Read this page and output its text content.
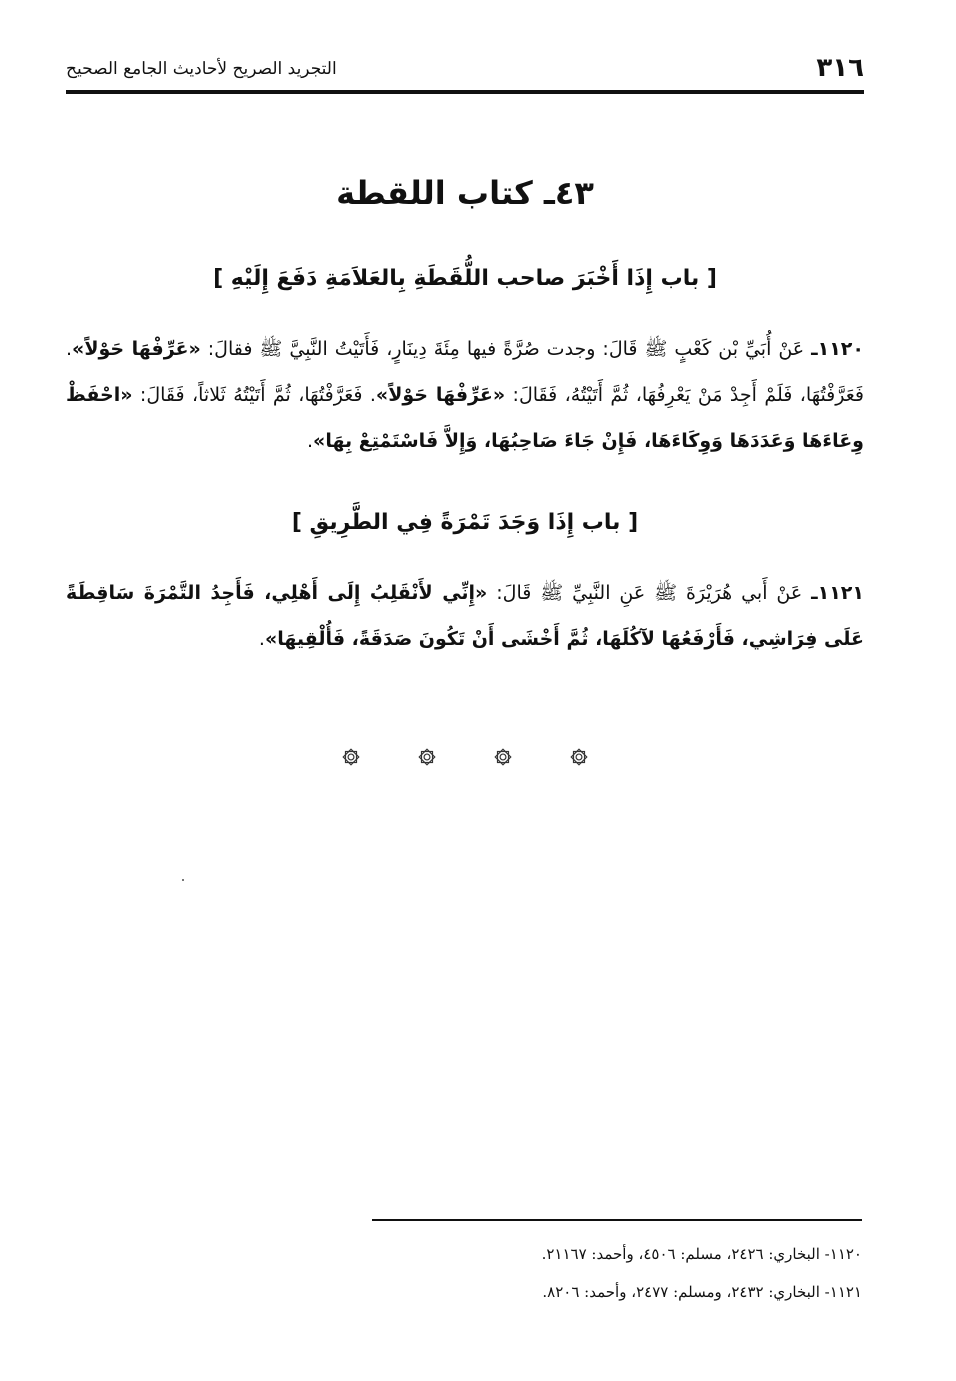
٣١٦
التجريد الصريح لأحاديث الجامع الصحيح
٤٣ـ كتاب اللقطة
[ باب إِذَا أَخْبَرَ صاحب اللُّقَطَةِ بِالعَلاَمَةِ دَفَعَ إِلَيْهِ ]
١١٢٠ـ عَنْ أُبَيِّ بْن كَعْبٍ ﷺ قَالَ: وجدت صُرَّةً فيها مِئَةَ دِينَارٍ، فَأَتَيْتُ النَّبِيَّ ﷺ فقالَ: «عَرِّفْهَا حَوْلاً». فَعَرَّفْتُهَا، فَلَمْ أَجِدْ مَنْ يَعْرِفُهَا، ثُمَّ أَتَيْتُهُ، فَقَالَ: «عَرِّفْهَا حَوْلاً». فَعَرَّفْتُهَا، ثُمَّ أَتَيْتُهُ ثَلاثاً، فَقَالَ: «احْفَظْ وِعَاءَهَا وَعَدَدَهَا وَوِكَاءَهَا، فَإِنْ جَاءَ صَاحِبُهَا، وَإِلاَّ فَاسْتَمْتِعْ بِهَا».
[ باب إِذَا وَجَدَ تَمْرَةً فِي الطَّرِيقِ ]
١١٢١ـ عَنْ أَبي هُرَيْرَةَ ﷺ عَنِ النَّبِيِّ ﷺ قَالَ: «إِنِّي لأَنْقَلِبُ إِلَى أَهْلِي، فَأَجِدُ التَّمْرَةَ سَاقِطَةً عَلَى فِرَاشِي، فَأَرْفَعُهَا لآكُلَهَا، ثُمَّ أَخْشَى أَنْ تَكُونَ صَدَقَةً، فَأُلْقِيهَا».
١١٢٠- البخاري: ٢٤٢٦، مسلم: ٤٥٠٦، وأحمد: ٢١١٦٧.
١١٢١- البخاري: ٢٤٣٢، ومسلم: ٢٤٧٧، وأحمد: ٨٢٠٦.
